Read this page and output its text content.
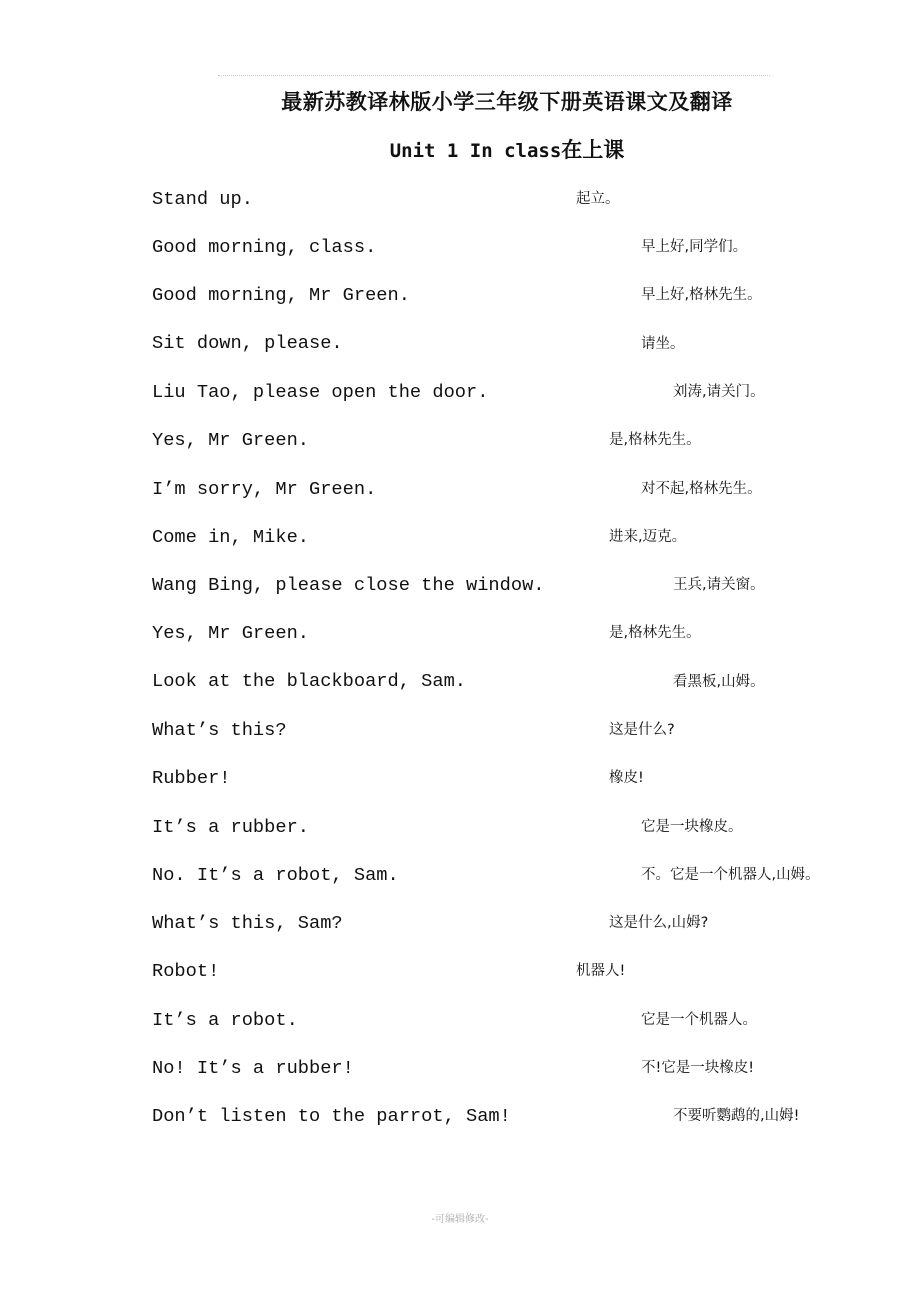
最新苏教译林版小学三年级下册英语课文及翻译
Unit 1 In class在上课
Stand up.	起立。
Good morning, class.	早上好,同学们。
Good morning, Mr Green.	早上好,格林先生。
Sit down, please.	请坐。
Liu Tao, please open the door.	刘涛,请关门。
Yes, Mr Green.	是,格林先生。
I’m sorry, Mr Green.	对不起,格林先生。
Come in, Mike.	进来,迈克。
Wang Bing, please close the window.	王兵,请关窗。
Yes, Mr Green.	是,格林先生。
Look at the blackboard, Sam.	看黑板,山姆。
What’s this?	这是什么?
Rubber!	橡皮!
It’s a rubber.	它是一块橡皮。
No. It’s a robot, Sam.	不。它是一个机器人,山姆。
What’s this, Sam?	这是什么,山姆?
Robot!	机器人!
It’s a robot.	它是一个机器人。
No! It’s a rubber!	不!它是一块橡皮!
Don’t listen to the parrot, Sam!	不要听鹦鹉的,山姆!
-可编辑修改-
